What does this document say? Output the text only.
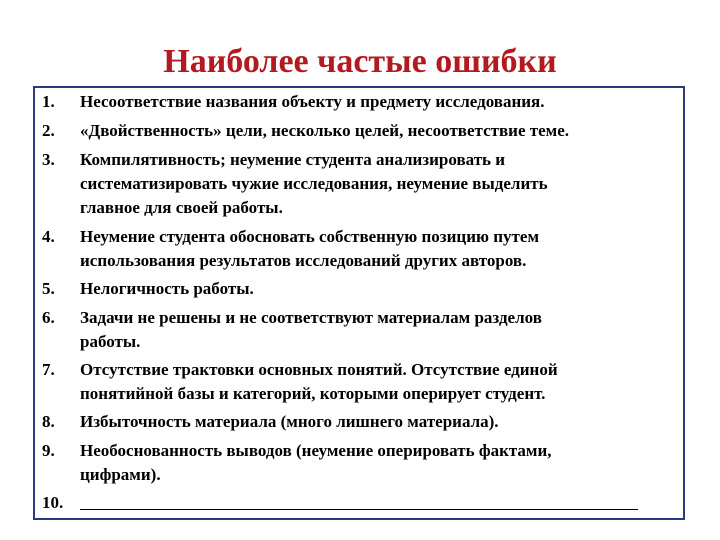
Наиболее частые ошибки
1.	Несоответствие названия объекту и предмету исследования.
2.	«Двойственность» цели, несколько целей, несоответствие теме.
3.	Компилятивность; неумение студента анализировать и
систематизировать чужие исследования, неумение выделить
главное для своей работы.
4.	Неумение студента обосновать собственную позицию путем
использования результатов исследований других авторов.
5.	Нелогичность работы.
6.	Задачи не решены и не соответствуют материалам разделов
работы.
7.	Отсутствие трактовки основных понятий. Отсутствие единой
понятийной базы и категорий, которыми оперирует студент.
8.	Избыточность материала (много лишнего материала).
9.	Необоснованность выводов (неумение оперировать фактами,
цифрами).
10.
